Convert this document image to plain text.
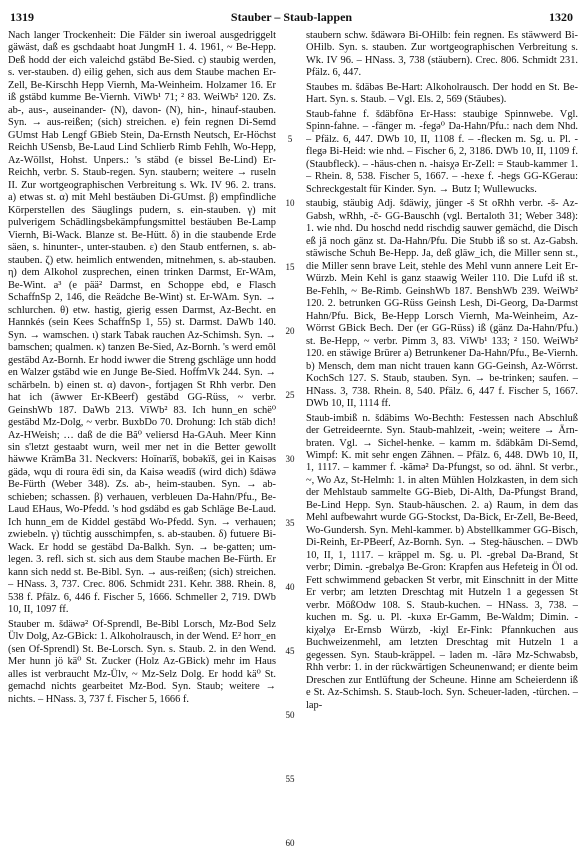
1319	Stauber – Staub-lappen	1320

Nach langer Trockenheit: Die Fälder sin iweroal ausgedriggelt gäwäst, daß es gschdaabt hoat JungmH 1. 4. 1961, ~ Be-Hepp. Deß hodd der eich valeichd gstäbd Be-Sied. c) staubig werden, s. ver-stauben. d) eilig gehen, sich aus dem Staube machen Er-Zell, Be-Kirschh Hepp Viernh, Ma-Weinheim. Holzamer 16. Er iß gstäbd kumme Be-Viernh. ViWb¹ 71; ² 83. WeiWb² 120. Zs. ab-, aus-, auseinander- (N), davon- (N), hin-, hinauf-stauben. Syn. → aus-reißen; (sich) streichen. e) fein regnen Di-Semd GUmst Hab Lengf GBieb Stein, Da-Ernsth Neutsch, Er-Höchst Reichh USensb, Be-Laud Lind Schlierb Rimb Fehlh, Wo-Hepp, Az-Wöllst, Hohst. Unpers.: 's stäbd (e bissel Be-Lind) Er-Reichh, verbr. S. Staub-regen. Syn. staubern; weitere → ruseln II. Zur wortgeographischen Verbreitung s. Wk. IV 96. 2. trans. a) etwas st. α) mit Mehl bestäuben Di-GUmst. β) empfindliche Körperstellen des Säuglings pudern, s. ein-stauben. γ) mit pulverigem Schädlingsbekämpfungsmittel bestäuben Be-Lamp Viernh, Bi-Wack. Blanze st. Be-Hütt. δ) in die staubende Erde säen, s. hinunter-, unter-stauben. ε) den Staub entfernen, s. ab-stauben. ζ) etw. heimlich entwenden, mitnehmen, s. ab-stauben. η) dem Alkohol zusprechen, einen trinken Darmst, Er-WAm, Be-Wint. a³ (e pää² Darmst, en Schoppe ebd, e Flasch SchaffnSp 2, 146, die Reädche Be-Wint) st. Er-WAm. Syn. → schlurchen. θ) etw. hastig, gierig essen Darmst, Az-Becht. en Hannkés (sein Kees SchaffnSp 1, 55) st. Darmst. DaWb 140. Syn. → wamschen. ι) stark Tabak rauchen Az-Schimsh. Syn. → bamschen; qualmen. κ) tanzen Be-Sied, Az-Bornh. 's werd emôl gestäbd Az-Bornh. Er hodd iwwer die Streng gschläge unn hodd en Walzer gstäbd wie en Junge Be-Sied. HoffmVk 244. Syn. → schärbeln. b) einen st. α) davon-, fortjagen St Rhh verbr. Den hat ich (ãwwer Er-KBeerf) gestäbd GG-Rüss, ~ verbr. GeinshWb 187. DaWb 213. ViWb² 83. Ich hunn_en schë⁰ gestäbd Mz-Dolg, ~ verbr. BuxbDo 70. Drohung: Ich stäb dich! Az-HWeish; … daß de die Bã⁰ veliersd Ha-GAuh. Meer Kinn sin s'letzt gestaabt wurn, weil mer net in die Better gewollt häwwe KrämBa 31. Neckvers: Hoïnarïš, bobəkïš, gei in Kaisəs gädə, wqu di roura ëdi sin, da Kaisə weədïš (wird dich) šdäwə Be-Fürth (Weber 348). Zs. ab-, heim-stauben. Syn. → ab-schieben; schassen. β) verhauen, verbleuen Da-Hahn/Pfu., Be-Laud EHaus, Wo-Pfedd. 's hod gsdäbd es gab Schläge Be-Laud. Ich hunn_em de Kiddel gestäbd Wo-Pfedd. Syn. → verhauen; zwiebeln. γ) tüchtig ausschimpfen, s. ab-stauben. δ) futuere Bi-Wack. Er hodd se gestäbd Da-Balkh. Syn. → be-gatten; um-legen. 3. refl. sich st. sich aus dem Staube machen Be-Fürth. Er kann sich nedd st. Be-Bibl. Syn. → aus-reißen; (sich) streichen. – HNass. 3, 737. Crec. 806. Schmidt 231. Kehr. 388. Rhein. 8, 538 f. Pfälz. 6, 446 f. Fischer 5, 1666. Schmeller 2, 719. DWb 10, II, 1097 ff.

Stauber m. šdäwə² Of-Sprendl, Be-Bibl Lorsch, Mz-Bod Selz Ülv Dolg, Az-GBick: 1. Alkoholrausch, in der Wend. E² horr_en (sen Of-Sprendl) St. Be-Lorsch. Syn. s. Staub. 2. in den Wend. Mer hunn jö kä⁰ St. Zucker (Holz Az-GBick) mehr im Haus alles ist verbraucht Mz-Ülv, ~ Mz-Selz Dolg. Er hodd kä⁰ St. gemachd nichts gearbeitet Mz-Bod. Syn. Staub; weitere → nichts. – HNass. 3, 737 f. Fischer 5, 1666 f.

5
10
15
20
25
30
35
40
45
50
55
60

staubern schw. šdäwərə Bi-OHilb: fein regnen. Es stäwwerd Bi-OHilb. Syn. s. stauben. Zur wortgeographischen Verbreitung s. Wk. IV 96. – HNass. 3, 738 (stäubern). Crec. 806. Schmidt 231. Pfälz. 6, 447.

Staubes m. šdäbəs Be-Hart: Alkoholrausch. Der hodd en St. Be-Hart. Syn. s. Staub. – Vgl. Els. 2, 569 (Stäubes).

Staub-fahne f. šdäbfõnə Er-Hass: staubige Spinnwebe. Vgl. Spinn-fahne. – -fänger m. -fegə⁰ Da-Hahn/Pfu.: nach dem Nhd. – Pfälz. 6, 447. DWb 10, II, 1108 f. – -flecken m. Sg. u. Pl. -flegə Bi-Heid: wie nhd. – Fischer 6, 2, 3186. DWb 10, II, 1109 f. (Staubfleck). – -häus-chen n. -haisχə Er-Zell: = Staub-kammer 1. – Rhein. 8, 538. Fischer 5, 1667. – -hexe f. -hegs GG-KGerau: Schreckgestalt für Kinder. Syn. → Butz I; Wullewucks.

staubig, stäubig Adj. šdäwiχ, jünger -š St oRhh verbr. -š- Az-Gabsh, wRhh, -č- GG-Bauschh (vgl. Bertaloth 31; Weber 348): 1. wie nhd. Du hoschd nedd rischdig sauwer gemächd, die Disch eß jã noch gänz st. Da-Hahn/Pfu. Die Stubb iß so st. Az-Gabsh. stäwische Schuh Be-Hepp. Ja, deß gläw_ich, die Miller senn st., die Miller senn brave Leit, stehle des Mehl vunn annere Leit Er-Würzb. Mein Kehl is ganz staawig Weiler 110. Die Lufd iß st. Be-Fehlh, ~ Be-Rimb. GeinshWb 187. BenshWb 239. WeiWb² 120. 2. betrunken GG-Rüss Geinsh Lesh, Di-Georg, Da-Darmst Hahn/Pfu. Bick, Be-Hepp Lorsch Viernh, Ma-Weinheim, Az-Wörrst GBick Bech. Der (er GG-Rüss) iß (gänz Da-Hahn/Pfu.) st. Be-Hepp, ~ verbr. Pimm 3, 83. ViWb¹ 133; ² 150. WeiWb² 120. en stäwige Brürer a) Betrunkener Da-Hahn/Pfu., Be-Viernh. b) Mensch, dem man nicht trauen kann GG-Geinsh, Az-Wörrst. KochSch 127. S. Staub, stauben. Syn. → be-trinken; saufen. – HNass. 3, 738. Rhein. 8, 540. Pfälz. 6, 447 f. Fischer 5, 1667. DWb 10, II, 1114 ff.

Staub-imbiß n. šdäbims Wo-Bechth: Festessen nach Abschluß der Getreideernte. Syn. Staub-mahlzeit, -wein; weitere → Ärn-braten. Vgl. → Sichel-henke. – kamm m. šdäbkãm Di-Semd, Wimpf: K. mit sehr engen Zähnen. – Pfälz. 6, 448. DWb 10, II, 1, 1117. – kammer f. -kãmə² Da-Pfungst, so od. ähnl. St verbr., ~, Wo Az, St-Helmh: 1. in alten Mühlen Holzkasten, in dem sich der Mehlstaub sammelte GG-Bieb, Di-Alth, Da-Pfungst Brand, Be-Lind Hepp. Syn. Staub-häuschen. 2. a) Raum, in dem das Mehl aufbewahrt wurde GG-Stockst, Da-Bick, Er-Zell, Be-Beed, Wo-Gundersh. Syn. Mehl-kammer. b) Abstellkammer GG-Bisch, Di-Reinh, Er-PBeerf, Az-Bornh. Syn. → Steg-häuschen. – DWb 10, II, 1, 1117. – kräppel m. Sg. u. Pl. -grebəl Da-Brand, St verbr; Dimin. -grebəlχə Be-Gron: Krapfen aus Hefeteig in Öl od. Fett schwimmend gebacken St verbr, mit Einschnitt in der Mitte Er verbr; am letzten Dreschtag mit Hutzeln 1 a gegessen St verbr. MößOdw 108. S. Staub-kuchen. – HNass. 3, 738. – kuchen m. Sg. u. Pl. -kuxə Er-Gamm, Be-Waldm; Dimin. -kiχəlχə Er-Ernsb Würzb, -kiχl Er-Fink: Pfannkuchen aus Buchweizenmehl, am letzten Dreschtag mit Hutzeln 1 a gegessen. Syn. Staub-kräppel. – laden m. -lãrə Mz-Schwabsb, Rhh verbr: 1. in der rückwärtigen Scheunenwand; er diente beim Dreschen zur Entlüftung der Scheune. Hinne am Scheierdenn iß e St. Az-Schimsh. S. Staub-loch. Syn. Scheuer-laden, -türchen. – lap-
